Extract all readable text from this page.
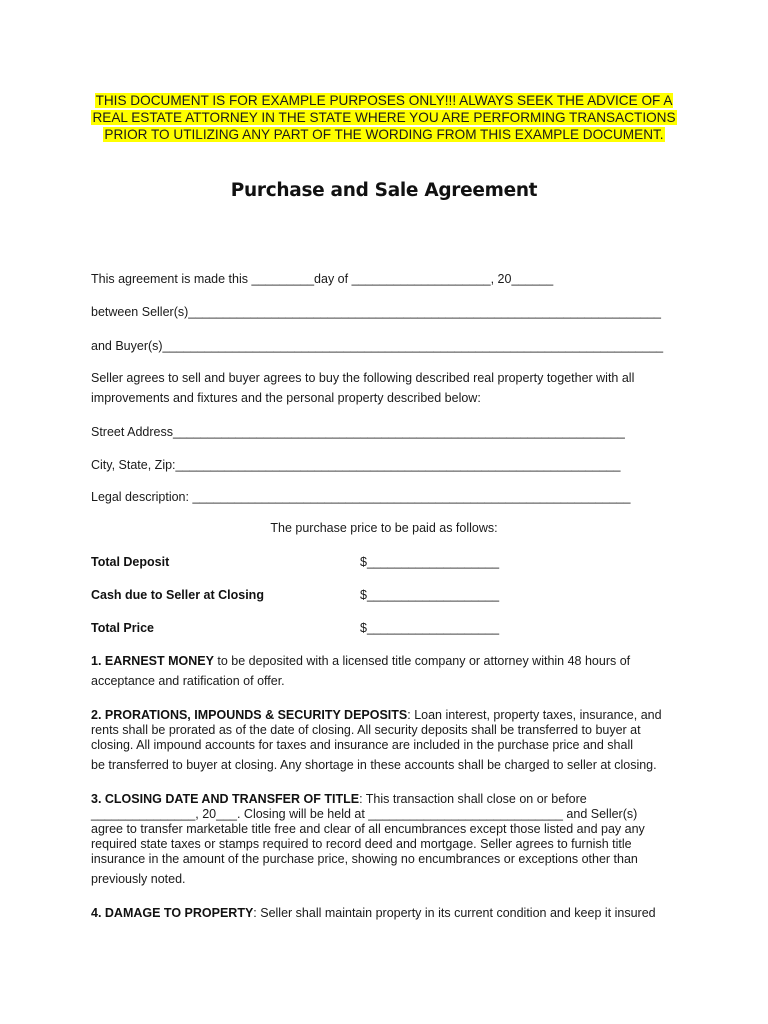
THIS DOCUMENT IS FOR EXAMPLE PURPOSES ONLY!!! ALWAYS SEEK THE ADVICE OF A REAL ESTATE ATTORNEY IN THE STATE WHERE YOU ARE PERFORMING TRANSACTIONS PRIOR TO UTILIZING ANY PART OF THE WORDING FROM THIS EXAMPLE DOCUMENT.
Purchase and Sale Agreement
This agreement is made this _________day of ____________________, 20______
between Seller(s)____________________________________________________________________
and Buyer(s)________________________________________________________________________
Seller agrees to sell and buyer agrees to buy the following described real property together with all improvements and fixtures and the personal property described below:
Street Address_________________________________________________________________
City, State, Zip:________________________________________________________________
Legal description: _______________________________________________________________
The purchase price to be paid as follows:
Total Deposit	$___________________
Cash due to Seller at Closing	$___________________
Total Price	$___________________
1. EARNEST MONEY to be deposited with a licensed title company or attorney within 48 hours of acceptance and ratification of offer.
2. PRORATIONS, IMPOUNDS & SECURITY DEPOSITS: Loan interest, property taxes, insurance, and rents shall be prorated as of the date of closing. All security deposits shall be transferred to buyer at closing. All impound accounts for taxes and insurance are included in the purchase price and shall
be transferred to buyer at closing. Any shortage in these accounts shall be charged to seller at closing.
3. CLOSING DATE AND TRANSFER OF TITLE: This transaction shall close on or before _______________, 20___. Closing will be held at ____________________________ and Seller(s) agree to transfer marketable title free and clear of all encumbrances except those listed and pay any required state taxes or stamps required to record deed and mortgage. Seller agrees to furnish title insurance in the amount of the purchase price, showing no encumbrances or exceptions other than
previously noted.
4. DAMAGE TO PROPERTY: Seller shall maintain property in its current condition and keep it insured
